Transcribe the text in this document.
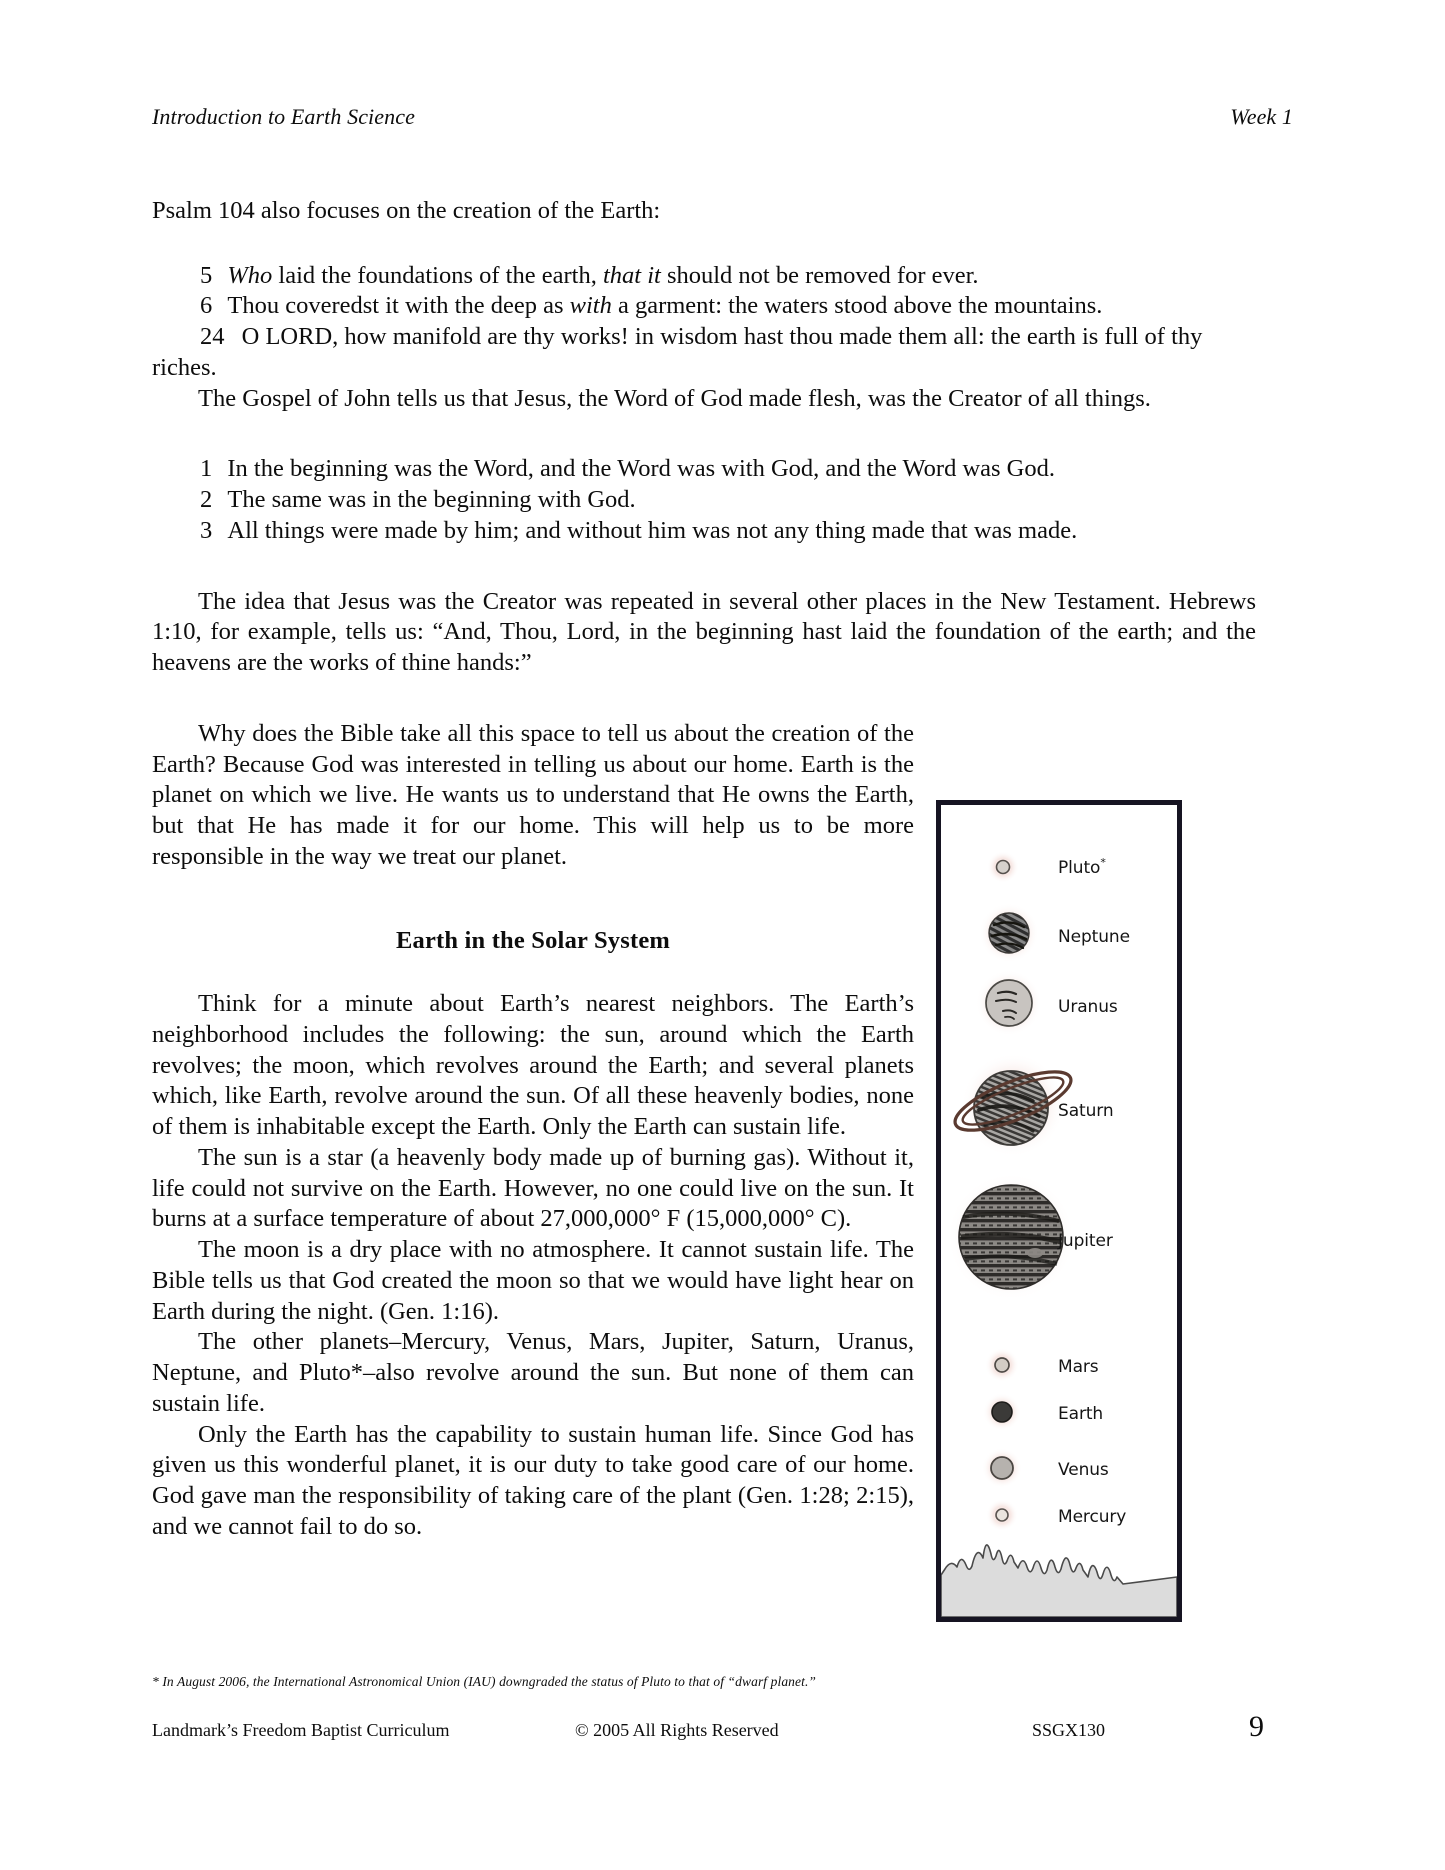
Introduction to Earth Science	Week 1

Psalm 104 also focuses on the creation of the Earth:

5 Who laid the foundations of the earth, that it should not be removed for ever.
6 Thou coveredst it with the deep as with a garment: the waters stood above the mountains.
24 O LORD, how manifold are thy works! in wisdom hast thou made them all: the earth is full of thy riches.

The Gospel of John tells us that Jesus, the Word of God made flesh, was the Creator of all things.

1 In the beginning was the Word, and the Word was with God, and the Word was God.
2 The same was in the beginning with God.
3 All things were made by him; and without him was not any thing made that was made.

The idea that Jesus was the Creator was repeated in several other places in the New Testament. Hebrews 1:10, for example, tells us: “And, Thou, Lord, in the beginning hast laid the foundation of the earth; and the heavens are the works of thine hands:”

Why does the Bible take all this space to tell us about the creation of the Earth? Because God was interested in telling us about our home. Earth is the planet on which we live. He wants us to understand that He owns the Earth, but that He has made it for our home. This will help us to be more responsible in the way we treat our planet.

Earth in the Solar System

Think for a minute about Earth’s nearest neighbors. The Earth’s neighborhood includes the following: the sun, around which the Earth revolves; the moon, which revolves around the Earth; and several planets which, like Earth, revolve around the sun. Of all these heavenly bodies, none of them is inhabitable except the Earth. Only the Earth can sustain life.

The sun is a star (a heavenly body made up of burning gas). Without it, life could not survive on the Earth. However, no one could live on the sun. It burns at a surface temperature of about 27,000,000° F (15,000,000° C).

The moon is a dry place with no atmosphere. It cannot sustain life. The Bible tells us that God created the moon so that we would have light hear on Earth during the night. (Gen. 1:16).

The other planets–Mercury, Venus, Mars, Jupiter, Saturn, Uranus, Neptune, and Pluto*–also revolve around the sun. But none of them can sustain life.

Only the Earth has the capability to sustain human life. Since God has given us this wonderful planet, it is our duty to take good care of our home. God gave man the responsibility of taking care of the plant (Gen. 1:28; 2:15), and we cannot fail to do so.

* In August 2006, the International Astronomical Union (IAU) downgraded the status of Pluto to that of “dwarf planet.”
Pluto*
Neptune
Uranus
Saturn
Jupiter
Mars
Earth
Venus
Mercury
Landmark’s Freedom Baptist Curriculum	© 2005 All Rights Reserved	SSGX130	9
